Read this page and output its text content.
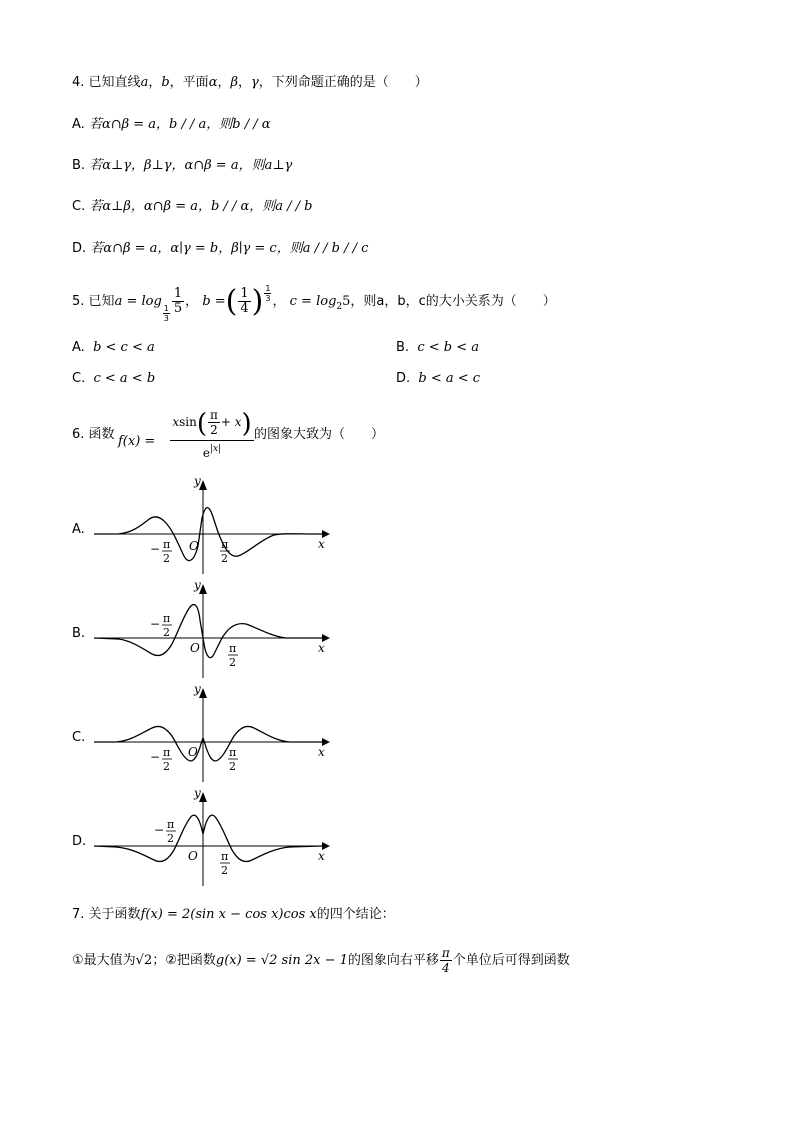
4. 已知直线a，b，平面α，β，γ，下列命题正确的是（　　）
A. 若α∩β = a，b / / a，则b / / α
B. 若α⊥γ，β⊥γ，α∩β = a，则a⊥γ
C. 若α⊥β，α∩β = a，b / / α，则a / / b
D. 若α∩β = a，α∣γ = b，β∣γ = c，则a / / b / / c
5. 已知a = log
$\frac{1}{3} \frac{1}{5}$ ， b =( $\frac{1}{4}$ ) $\frac{1}{3}$ ， $c = \log_25$，则a，b，c的大小关系为（　　）
A. b < c < a	B. c < b < a
C. c < a < b	D. b < a < c
6. 函数 f(x) =
$xsin( \frac{\pi}{2} + x)$
$e^{|x|}$
的图象大致为（　　）
A.
y
O	x
− π
2
π
2
B.
y
O	x
− π
2
π
2
C.
y
O	x
− π
2
π
2
D.
y
O	x
− π
2
π
2
7. 关于函数f(x) = 2(sin x − cos x)cos x的四个结论：
①最大值为√2；②把函数g(x) = √2 sin 2x − 1的图象向右平移 $\frac{\pi}{4}$ 个单位后可得到函数
